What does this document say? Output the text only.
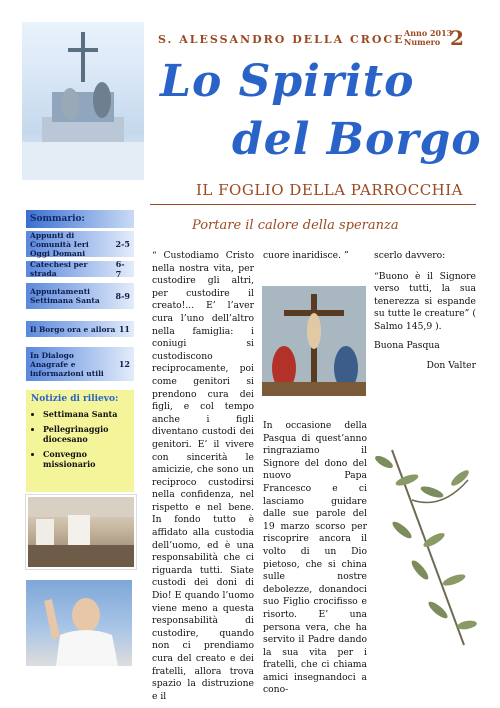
S. ALESSANDRO DELLA CROCE Anno 2013
Numero 2
Lo Spirito
del Borgo
IL FOGLIO DELLA PARROCCHIA
Sommario:
Appunti di Comunità Ieri Oggi Domani
2-5
Catechesi per strada
6-7
Appuntamenti Settimana Santa	8-9
Il Borgo ora e allora 11
In Dialogo Anagrafe e informazioni utili
12
Notizie di rilievo:
• Settimana Santa
• Pellegrinaggio diocesano
• Convegno missionario
Portare il calore della speranza

“ Custodiamo Cristo nella nostra vita, per custodire gli altri, per custodire il creato!... E’ l’aver cura l’uno dell’altro nella famiglia: i coniugi si custodiscono reciprocamente, poi come genitori si prendono cura dei figli, e col tempo anche i figli diventano custodi dei genitori. E’ il vivere con sincerità le amicizie, che sono un reciproco custodirsi nella confidenza, nel rispetto e nel bene. In fondo tutto è affidato alla custodia dell’uomo, ed è una responsabilità che ci riguarda tutti. Siate custodi dei doni di Dio! E quando l’uomo viene meno a questa responsabilità di custodire, quando non ci prendiamo cura del creato e dei fratelli, allora trova spazio la distruzione e il

cuore inaridisce. ”

In occasione della Pasqua di quest’anno ringraziamo il Signore del dono del nuovo Papa Francesco e ci lasciamo guidare dalle sue parole del 19 marzo scorso per riscoprire ancora il volto di un Dio pietoso, che si china sulle nostre debolezze, donandoci suo Figlio crocifisso e risorto. E’ una persona vera, che ha servito il Padre dando la sua vita per i fratelli, che ci chiama amici insegnandoci a cono-

scerlo davvero:

“Buono è il Signore verso tutti, la sua tenerezza si espande su tutte le creature” ( Salmo 145,9 ).

Buona Pasqua

Don Valter
